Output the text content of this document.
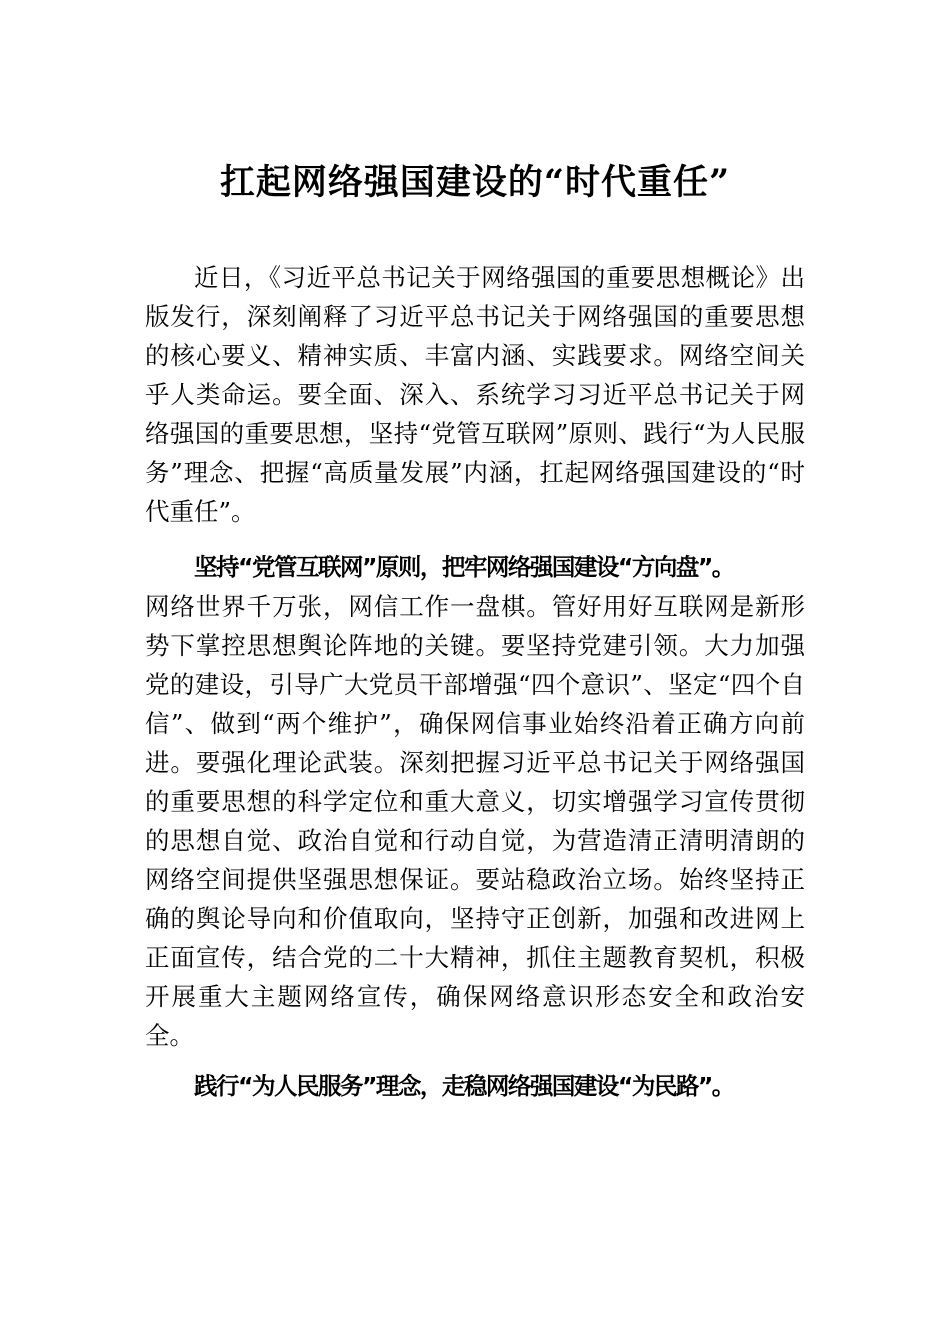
扛起网络强国建设的“时代重任”
近日，《习近平总书记关于网络强国的重要思想概论》出版发行，深刻阐释了习近平总书记关于网络强国的重要思想的核心要义、精神实质、丰富内涵、实践要求。网络空间关乎人类命运。要全面、深入、系统学习习近平总书记关于网络强国的重要思想，坚持“党管互联网”原则、践行“为人民服务”理念、把握“高质量发展”内涵，扛起网络强国建设的“时代重任”。
坚持“党管互联网”原则，把牢网络强国建设“方向盘”。
网络世界千万张，网信工作一盘棋。管好用好互联网是新形势下掌控思想舆论阵地的关键。要坚持党建引领。大力加强党的建设，引导广大党员干部增强“四个意识”、坚定“四个自信”、做到“两个维护”，确保网信事业始终沿着正确方向前进。要强化理论武装。深刻把握习近平总书记关于网络强国的重要思想的科学定位和重大意义，切实增强学习宣传贯彻的思想自觉、政治自觉和行动自觉，为营造清正清明清朗的网络空间提供坚强思想保证。要站稳政治立场。始终坚持正确的舆论导向和价值取向，坚持守正创新，加强和改进网上正面宣传，结合党的二十大精神，抓住主题教育契机，积极开展重大主题网络宣传，确保网络意识形态安全和政治安全。
践行“为人民服务”理念，走稳网络强国建设“为民路”。
